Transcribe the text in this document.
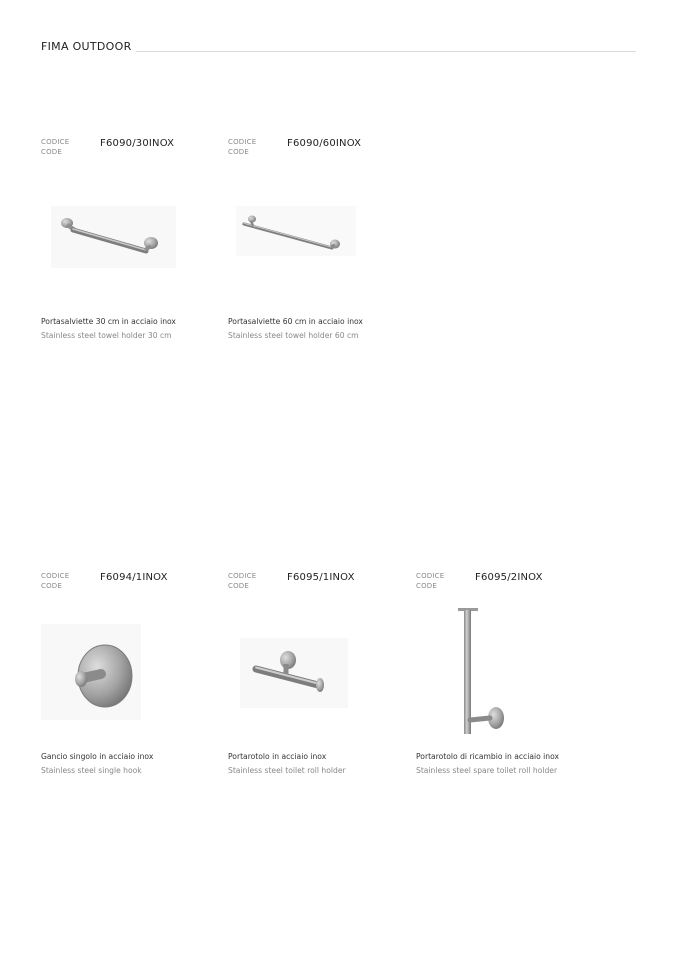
FIMA OUTDOOR
CODICE
CODE
F6090/30INOX
Portasalviette 30 cm in acciaio inox
Stainless steel towel holder 30 cm
CODICE
CODE
F6090/60INOX
Portasalviette 60 cm in acciaio inox
Stainless steel towel holder 60 cm
CODICE
CODE
F6094/1INOX
Gancio singolo in acciaio inox
Stainless steel single hook
CODICE
CODE
F6095/1INOX
Portarotolo in acciaio inox
Stainless steel toilet roll holder
CODICE
CODE
F6095/2INOX
Portarotolo di ricambio in acciaio inox
Stainless steel spare toilet roll holder
